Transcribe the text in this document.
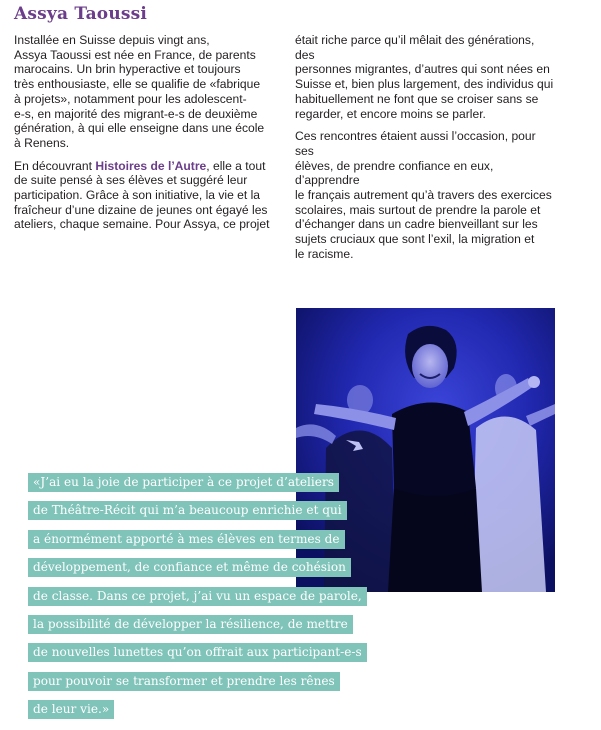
Assya Taoussi

Installée en Suisse depuis vingt ans,
Assya Taoussi est née en France, de parents
marocains. Un brin hyperactive et toujours
très enthousiaste, elle se qualifie de «fabrique
à projets», notamment pour les adolescent-
e-s, en majorité des migrant-e-s de deuxième
génération, à qui elle enseigne dans une école
à Renens.

En découvrant Histoires de l’Autre, elle a tout
de suite pensé à ses élèves et suggéré leur
participation. Grâce à son initiative, la vie et la
fraîcheur d’une dizaine de jeunes ont égayé les
ateliers, chaque semaine. Pour Assya, ce projet

était riche parce qu’il mêlait des générations, des
personnes migrantes, d’autres qui sont nées en
Suisse et, bien plus largement, des individus qui
habituellement ne font que se croiser sans se
regarder, et encore moins se parler.

Ces rencontres étaient aussi l’occasion, pour ses
élèves, de prendre confiance en eux, d’apprendre
le français autrement qu’à travers des exercices
scolaires, mais surtout de prendre la parole et
d’échanger dans un cadre bienveillant sur les
sujets cruciaux que sont l’exil, la migration et
le racisme.

«J’ai eu la joie de participer à ce projet d’ateliers
de Théâtre-Récit qui m’a beaucoup enrichie et qui
a énormément apporté à mes élèves en termes de
développement, de confiance et même de cohésion
de classe. Dans ce projet, j’ai vu un espace de parole,
la possibilité de développer la résilience, de mettre
de nouvelles lunettes qu’on offrait aux participant-e-s
pour pouvoir se transformer et prendre les rênes
de leur vie.»
